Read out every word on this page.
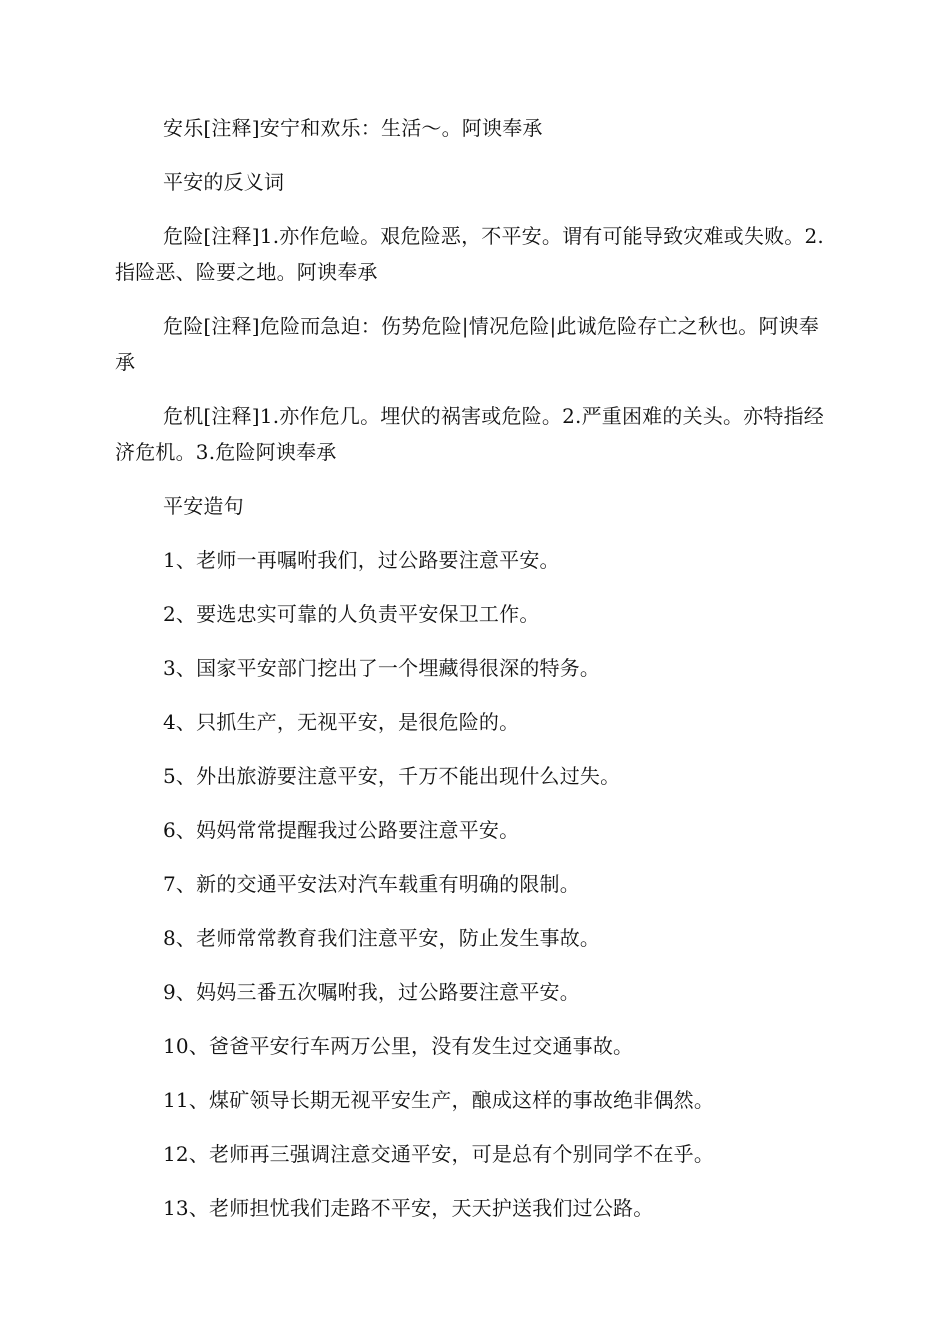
安乐[注释]安宁和欢乐：生活～。阿谀奉承

平安的反义词

危险[注释]1.亦作危崄。艰危险恶，不平安。谓有可能导致灾难或失败。2.指险恶、险要之地。阿谀奉承

危险[注释]危险而急迫：伤势危险|情况危险|此诚危险存亡之秋也。阿谀奉承

危机[注释]1.亦作危几。埋伏的祸害或危险。2.严重困难的关头。亦特指经济危机。3.危险阿谀奉承

平安造句

1、老师一再嘱咐我们，过公路要注意平安。

2、要选忠实可靠的人负责平安保卫工作。

3、国家平安部门挖出了一个埋藏得很深的特务。

4、只抓生产，无视平安，是很危险的。

5、外出旅游要注意平安，千万不能出现什么过失。

6、妈妈常常提醒我过公路要注意平安。

7、新的交通平安法对汽车载重有明确的限制。

8、老师常常教育我们注意平安，防止发生事故。

9、妈妈三番五次嘱咐我，过公路要注意平安。

10、爸爸平安行车两万公里，没有发生过交通事故。

11、煤矿领导长期无视平安生产，酿成这样的事故绝非偶然。

12、老师再三强调注意交通平安，可是总有个别同学不在乎。

13、老师担忧我们走路不平安，天天护送我们过公路。
